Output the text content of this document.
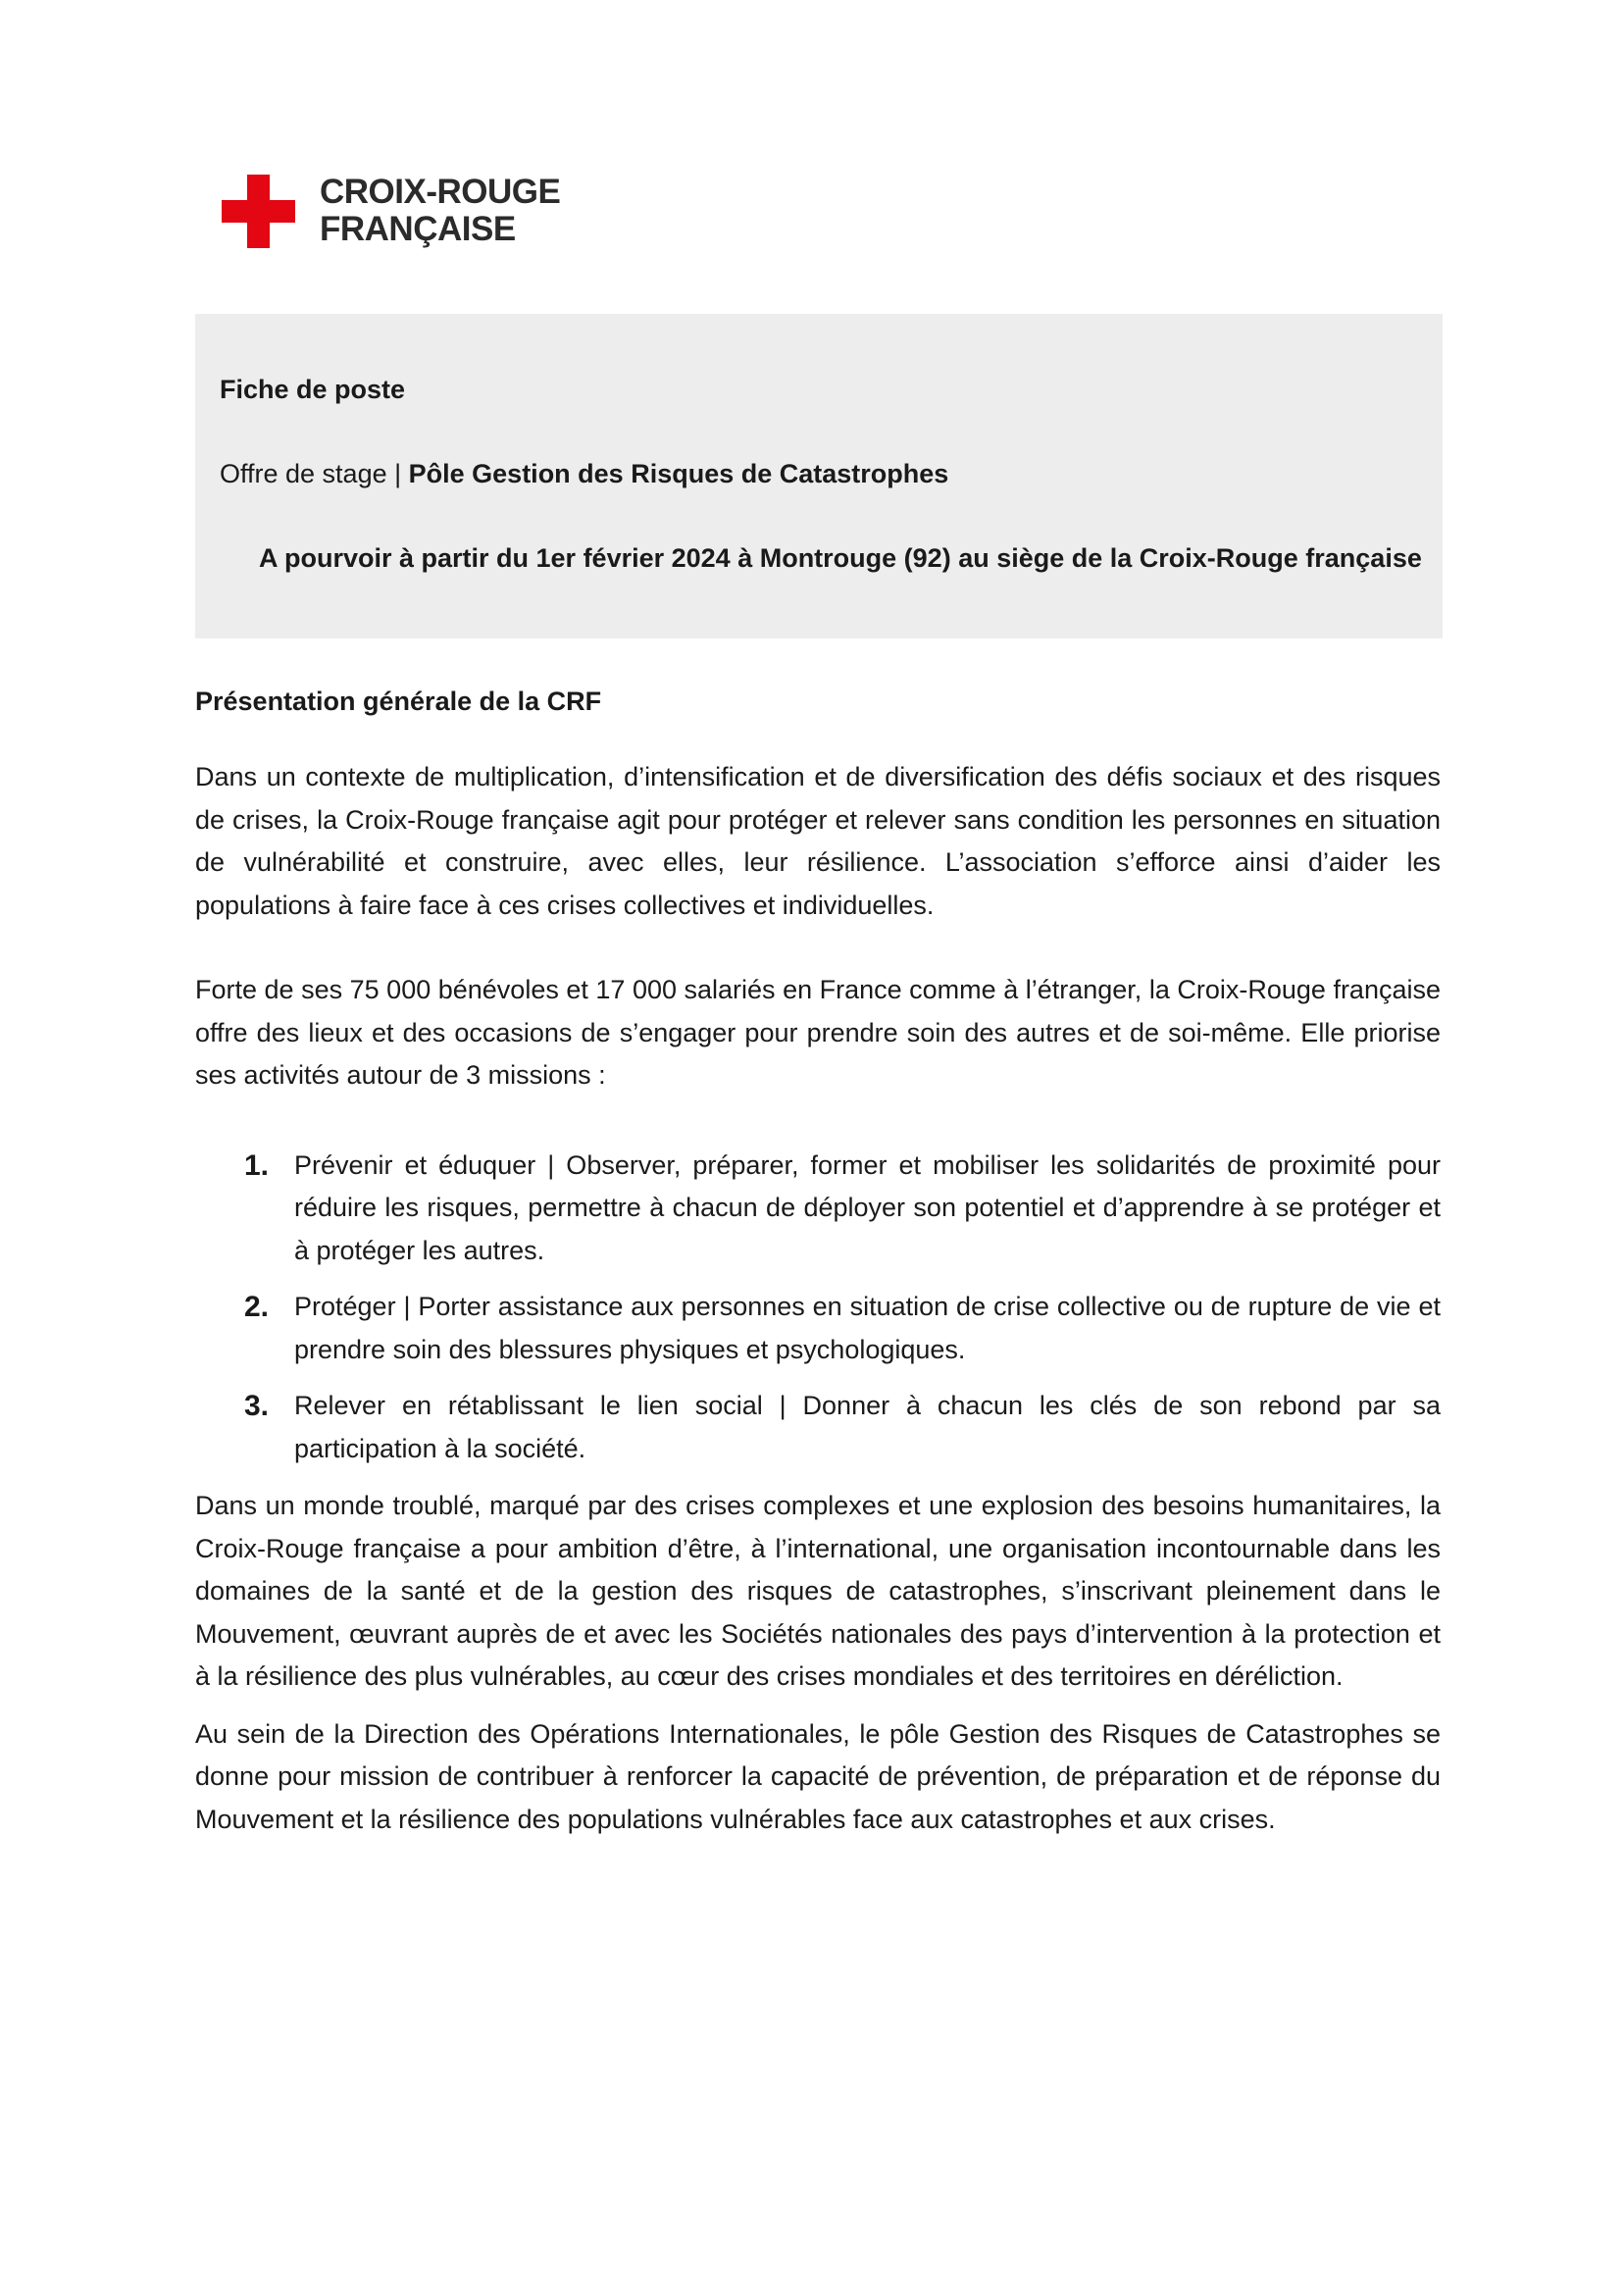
CROIX-ROUGE
FRANÇAISE
Fiche de poste
Offre de stage | Pôle Gestion des Risques de Catastrophes
A pourvoir à partir du 1er février 2024 à Montrouge (92) au siège de la Croix-Rouge française
Présentation générale de la CRF

Dans un contexte de multiplication, d’intensification et de diversification des défis sociaux et des risques de crises, la Croix-Rouge française agit pour protéger et relever sans condition les personnes en situation de vulnérabilité et construire, avec elles, leur résilience. L’association s’efforce ainsi d’aider les populations à faire face à ces crises collectives et individuelles.

Forte de ses 75 000 bénévoles et 17 000 salariés en France comme à l’étranger, la Croix-Rouge française offre des lieux et des occasions de s’engager pour prendre soin des autres et de soi-même. Elle priorise ses activités autour de 3 missions :

1. Prévenir et éduquer | Observer, préparer, former et mobiliser les solidarités de proximité pour réduire les risques, permettre à chacun de déployer son potentiel et d’apprendre à se protéger et à protéger les autres.
2. Protéger | Porter assistance aux personnes en situation de crise collective ou de rupture de vie et prendre soin des blessures physiques et psychologiques.
3. Relever en rétablissant le lien social | Donner à chacun les clés de son rebond par sa participation à la société.

Dans un monde troublé, marqué par des crises complexes et une explosion des besoins humanitaires, la Croix-Rouge française a pour ambition d’être, à l’international, une organisation incontournable dans les domaines de la santé et de la gestion des risques de catastrophes, s’inscrivant pleinement dans le Mouvement, œuvrant auprès de et avec les Sociétés nationales des pays d’intervention à la protection et à la résilience des plus vulnérables, au cœur des crises mondiales et des territoires en déréliction.

Au sein de la Direction des Opérations Internationales, le pôle Gestion des Risques de Catastrophes se donne pour mission de contribuer à renforcer la capacité de prévention, de préparation et de réponse du Mouvement et la résilience des populations vulnérables face aux catastrophes et aux crises.
